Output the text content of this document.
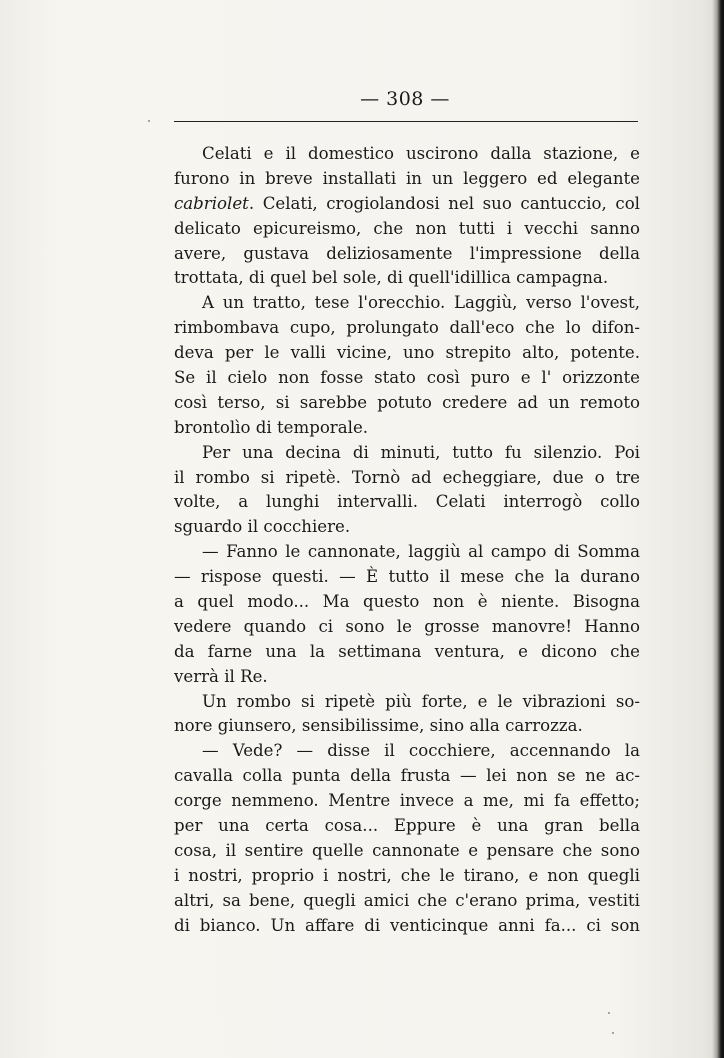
— 308 —
Celati e il domestico uscirono dalla stazione, e
furono in breve installati in un leggero ed elegante
cabriolet. Celati, crogiolandosi nel suo cantuccio, col
delicato epicureismo, che non tutti i vecchi sanno
avere, gustava deliziosamente l'impressione della
trottata, di quel bel sole, di quell'idillica campagna.
A un tratto, tese l'orecchio. Laggiù, verso l'ovest,
rimbombava cupo, prolungato dall'eco che lo difon-
deva per le valli vicine, uno strepito alto, potente.
Se il cielo non fosse stato così puro e l' orizzonte
così terso, si sarebbe potuto credere ad un remoto
brontolìo di temporale.
Per una decina di minuti, tutto fu silenzio. Poi
il rombo si ripetè. Tornò ad echeggiare, due o tre
volte, a lunghi intervalli. Celati interrogò collo
sguardo il cocchiere.
— Fanno le cannonate, laggiù al campo di Somma
— rispose questi. — È tutto il mese che la durano
a quel modo... Ma questo non è niente. Bisogna
vedere quando ci sono le grosse manovre! Hanno
da farne una la settimana ventura, e dicono che
verrà il Re.
Un rombo si ripetè più forte, e le vibrazioni so-
nore giunsero, sensibilissime, sino alla carrozza.
— Vede? — disse il cocchiere, accennando la
cavalla colla punta della frusta — lei non se ne ac-
corge nemmeno. Mentre invece a me, mi fa effetto;
per una certa cosa... Eppure è una gran bella
cosa, il sentire quelle cannonate e pensare che sono
i nostri, proprio i nostri, che le tirano, e non quegli
altri, sa bene, quegli amici che c'erano prima, vestiti
di bianco. Un affare di venticinque anni fa... ci son
